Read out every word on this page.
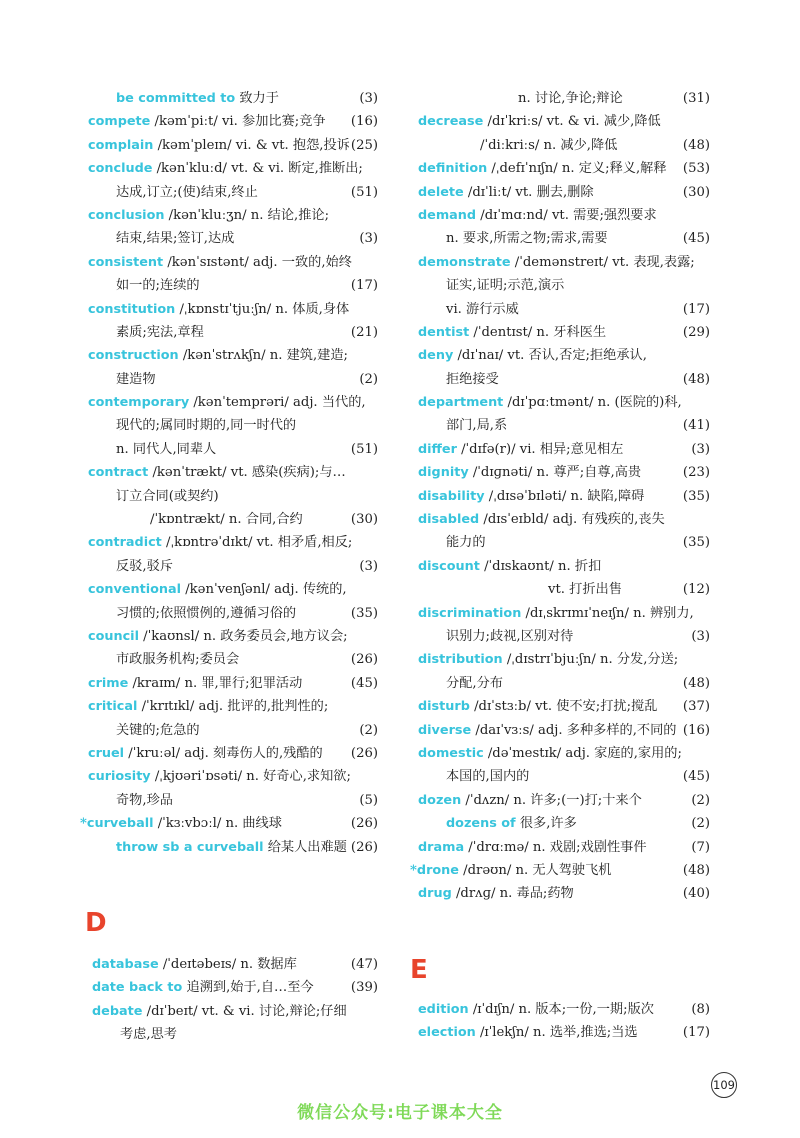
be committed to 致力于	(3)
compete /kəmˈpiːt/ vi. 参加比赛;竞争 (16)
complain /kəmˈpleɪn/ vi. & vt. 抱怨,投诉 (25)
conclude /kənˈkluːd/ vt. & vi. 断定,推断出;
达成,订立;(使)结束,终止	(51)
conclusion /kənˈkluːʒn/ n. 结论,推论;
结束,结果;签订,达成	(3)
consistent /kənˈsɪstənt/ adj. 一致的,始终
如一的;连续的	(17)
constitution /ˌkɒnstɪˈtjuːʃn/ n. 体质,身体
素质;宪法,章程	(21)
construction /kənˈstrʌkʃn/ n. 建筑,建造;
建造物	(2)
contemporary /kənˈtemprəri/ adj. 当代的,
现代的;属同时期的,同一时代的
n. 同代人,同辈人	(51)
contract /kənˈtrækt/ vt. 感染(疾病);与…
订立合同(或契约)
/ˈkɒntrækt/ n. 合同,合约	(30)
contradict /ˌkɒntrəˈdɪkt/ vt. 相矛盾,相反;
反驳,驳斥	(3)
conventional /kənˈvenʃənl/ adj. 传统的,
习惯的;依照惯例的,遵循习俗的	(35)
council /ˈkaʊnsl/ n. 政务委员会,地方议会;
市政服务机构;委员会	(26)
crime /kraɪm/ n. 罪,罪行;犯罪活动	(45)
critical /ˈkrɪtɪkl/ adj. 批评的,批判性的;
关键的;危急的	(2)
cruel /ˈkruːəl/ adj. 刻毒伤人的,残酷的 (26)
curiosity /ˌkjʊəriˈɒsəti/ n. 好奇心,求知欲;
奇物,珍品	(5)
*curveball /ˈkɜːvbɔːl/ n. 曲线球	(26)
throw sb a curveball 给某人出难题 (26)
n. 讨论,争论;辩论	(31)
decrease /dɪˈkriːs/ vt. & vi. 减少,降低
/ˈdiːkriːs/ n. 减少,降低	(48)
definition /ˌdefɪˈnɪʃn/ n. 定义;释义,解释 (53)
delete /dɪˈliːt/ vt. 删去,删除	(30)
demand /dɪˈmɑːnd/ vt. 需要;强烈要求
n. 要求,所需之物;需求,需要	(45)
demonstrate /ˈdemənstreɪt/ vt. 表现,表露;
证实,证明;示范,演示
vi. 游行示威	(17)
dentist /ˈdentɪst/ n. 牙科医生	(29)
deny /dɪˈnaɪ/ vt. 否认,否定;拒绝承认,
拒绝接受	(48)
department /dɪˈpɑːtmənt/ n. (医院的)科,
部门,局,系	(41)
differ /ˈdɪfə(r)/ vi. 相异;意见相左	(3)
dignity /ˈdɪɡnəti/ n. 尊严;自尊,高贵	(23)
disability /ˌdɪsəˈbɪləti/ n. 缺陷,障碍	(35)
disabled /dɪsˈeɪbld/ adj. 有残疾的,丧失
能力的	(35)
discount /ˈdɪskaʊnt/ n. 折扣
vt. 打折出售	(12)
discrimination /dɪˌskrɪmɪˈneɪʃn/ n. 辨别力,
识别力;歧视,区别对待	(3)
distribution /ˌdɪstrɪˈbjuːʃn/ n. 分发,分送;
分配,分布	(48)
disturb /dɪˈstɜːb/ vt. 使不安;打扰;搅乱 (37)
diverse /daɪˈvɜːs/ adj. 多种多样的,不同的 (16)
domestic /dəˈmestɪk/ adj. 家庭的,家用的;
本国的,国内的	(45)
dozen /ˈdʌzn/ n. 许多;(一)打;十来个	(2)
dozens of 很多,许多	(2)
drama /ˈdrɑːmə/ n. 戏剧;戏剧性事件	(7)
*drone /drəʊn/ n. 无人驾驶飞机	(48)
drug /drʌɡ/ n. 毒品;药物	(40)
D
database /ˈdeɪtəbeɪs/ n. 数据库	(47)
date back to 追溯到,始于,自…至今	(39)
debate /dɪˈbeɪt/ vt. & vi. 讨论,辩论;仔细
考虑,思考
E
edition /ɪˈdɪʃn/ n. 版本;一份,一期;版次	(8)
election /ɪˈlekʃn/ n. 选举,推选;当选	(17)
109
微信公众号:电子课本大全
